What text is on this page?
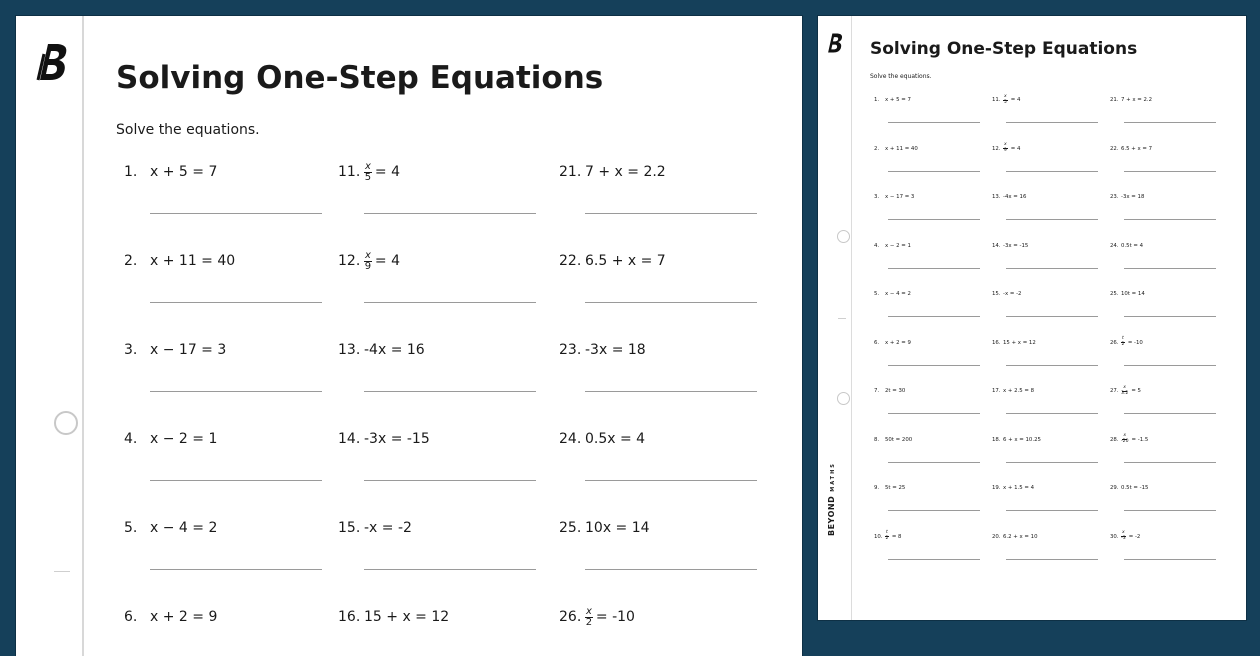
Solving One-Step Equations
Solve the equations.
1. x + 5 = 7
2. x + 11 = 40
3. x − 17 = 3
4. x − 2 = 1
5. x − 4 = 2
6. x + 2 = 9
11. $\frac{x}{5} = 4$
12. $\frac{x}{9} = 4$
13. -4x = 16
14. -3x = -15
15. -x = -2
16. 15 + x = 12
21. 7 + x = 2.2
22. 6.5 + x = 7
23. -3x = 18
24. 0.5x = 4
25. 10x = 14
26. $\frac{x}{2} = -10$
BEYONDMATHS
Solving One-Step Equations
Solve the equations.
1.	x + 5 = 7
2.	x + 11 = 40
3.	x − 17 = 3
4.	x − 2 = 1
5.	x − 4 = 2
6.	x + 2 = 9
7.	2t = 30
8.	50t = 200
9.	5t = 25
10. $\frac{t}{2} = 8$
11. $\frac{x}{5} = 4$
12. $\frac{x}{9} = 4$
13. -4x = 16
14. -3x = -15
15. -x = -2
16. 15 + x = 12
17. x + 2.5 = 8
18. 6 + x = 10.25
19. x + 1.5 = 4
20. 6.2 + x = 10
21. 7 + x = 2.2
22. 6.5 + x = 7
23. -3x = 18
24. 0.5t = 4
25. 10t = 14
26. $\frac{t}{2} = -10$
27. $\frac{x}{3.2} = 5$
28. $\frac{x}{-20} = -1.5$
29. 0.5t = -15
30. $\frac{x}{-3} = -2$
